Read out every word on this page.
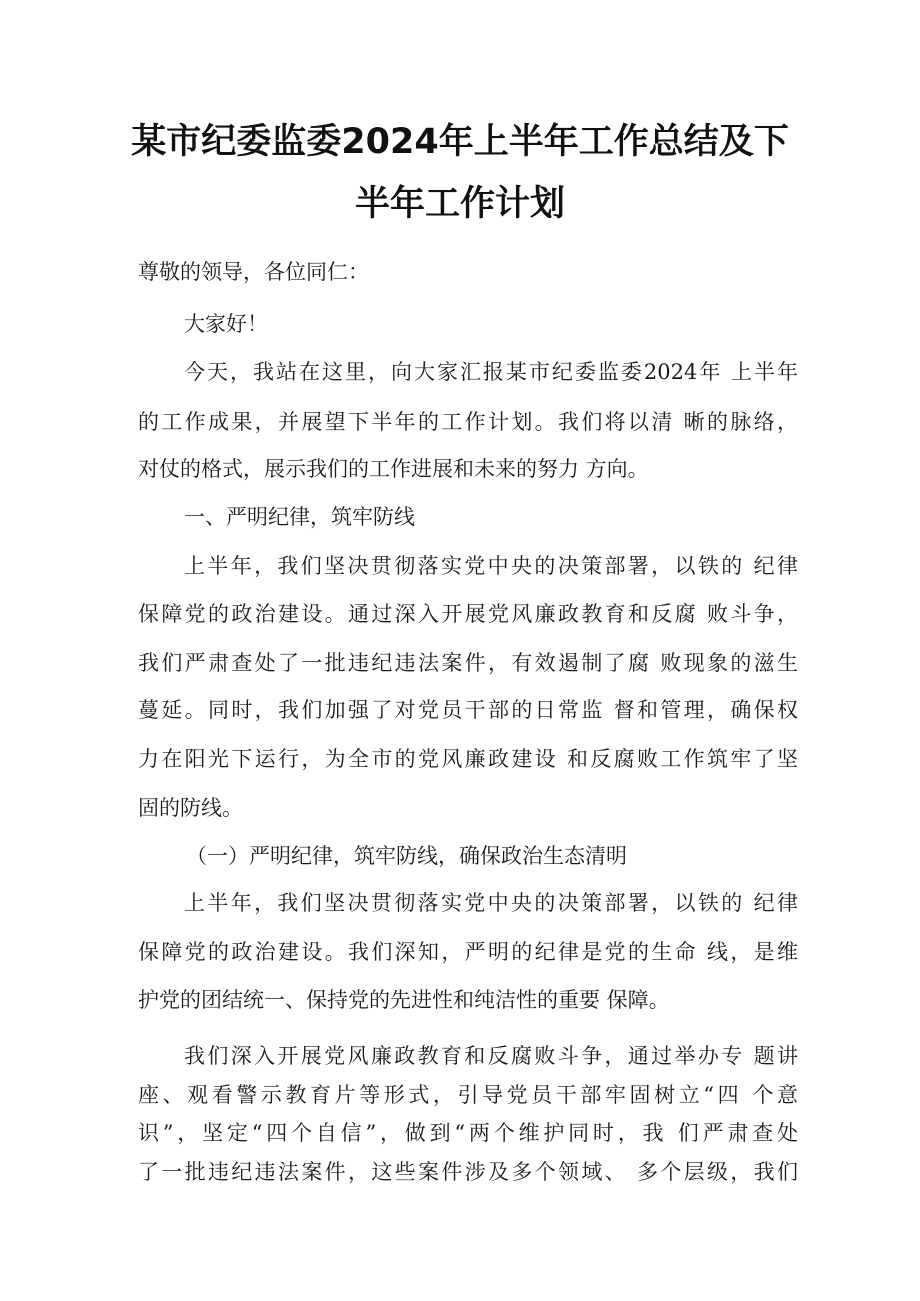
某市纪委监委2024年上半年工作总结及下
半年工作计划
尊敬的领导，各位同仁：
大家好！
今天，我站在这里，向大家汇报某市纪委监委2024年 上半年
的工作成果，并展望下半年的工作计划。我们将以清 晰的脉络，
对仗的格式，展示我们的工作进展和未来的努力 方向。
一、严明纪律，筑牢防线
上半年，我们坚决贯彻落实党中央的决策部署，以铁的 纪律
保障党的政治建设。通过深入开展党风廉政教育和反腐 败斗争，
我们严肃查处了一批违纪违法案件，有效遏制了腐 败现象的滋生
蔓延。同时，我们加强了对党员干部的日常监 督和管理，确保权
力在阳光下运行，为全市的党风廉政建设 和反腐败工作筑牢了坚
固的防线。
（一）严明纪律，筑牢防线，确保政治生态清明
上半年，我们坚决贯彻落实党中央的决策部署，以铁的 纪律
保障党的政治建设。我们深知，严明的纪律是党的生命 线，是维
护党的团结统一、保持党的先进性和纯洁性的重要 保障。
我们深入开展党风廉政教育和反腐败斗争，通过举办专 题讲
座、观看警示教育片等形式，引导党员干部牢固树立“四 个意
识”，坚定“四个自信”，做到“两个维护同时，我 们严肃查处
了一批违纪违法案件，这些案件涉及多个领域、 多个层级，我们
